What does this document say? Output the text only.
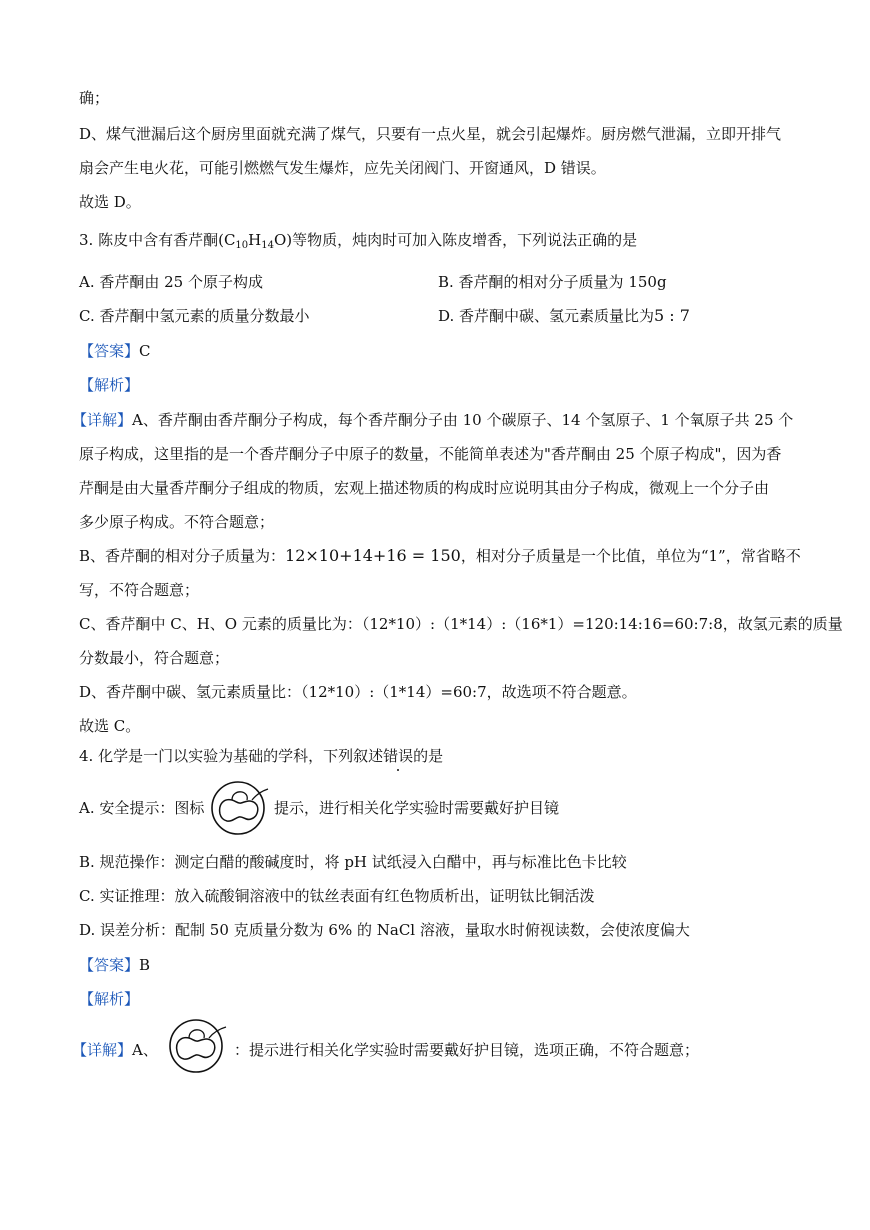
确；
D、煤气泄漏后这个厨房里面就充满了煤气，只要有一点火星，就会引起爆炸。厨房燃气泄漏，立即开排气
扇会产生电火花，可能引燃燃气发生爆炸，应先关闭阀门、开窗通风，D 错误。
故选 D。
3. 陈皮中含有香芹酮$(C_{10}H_{14}O)$等物质，炖肉时可加入陈皮增香，下列说法正确的是
A. 香芹酮由 25 个原子构成	B. 香芹酮的相对分子质量为 150g
C. 香芹酮中氢元素的质量分数最小	D. 香芹酮中碳、氢元素质量比为5 : 7
【答案】C
【解析】
【详解】A、香芹酮由香芹酮分子构成，每个香芹酮分子由 10 个碳原子、14 个氢原子、1 个氧原子共 25 个
原子构成，这里指的是一个香芹酮分子中原子的数量，不能简单表述为"香芹酮由 25 个原子构成"，因为香
芹酮是由大量香芹酮分子组成的物质，宏观上描述物质的构成时应说明其由分子构成，微观上一个分子由
多少原子构成。不符合题意；
B、香芹酮的相对分子质量为：12×10+14+16 = 150，相对分子质量是一个比值，单位为“1”，常省略不
写，不符合题意；
C、香芹酮中 C、H、O 元素的质量比为：（12*10）:（1*14）:（16*1）=120:14:16=60:7:8，故氢元素的质量
分数最小，符合题意；
D、香芹酮中碳、氢元素质量比：（12*10）:（1*14）=60:7，故选项不符合题意。
故选 C。
4. 化学是一门以实验为基础的学科，下列叙述错误的是
A. 安全提示：图标	提示，进行相关化学实验时需要戴好护目镜
B. 规范操作：测定白醋的酸碱度时，将 pH 试纸浸入白醋中，再与标准比色卡比较
C. 实证推理：放入硫酸铜溶液中的钛丝表面有红色物质析出，证明钛比铜活泼
D. 误差分析：配制 50 克质量分数为 6% 的 NaCl 溶液，量取水时俯视读数，会使浓度偏大
【答案】B
【解析】
【详解】A、	：提示进行相关化学实验时需要戴好护目镜，选项正确，不符合题意；
